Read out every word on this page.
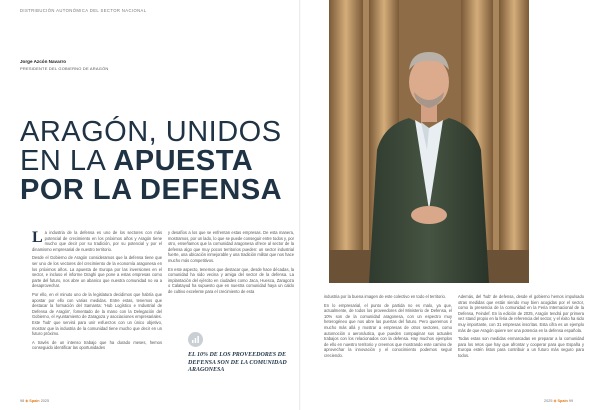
DISTRIBUCIÓN AUTONÓMICA DEL SECTOR NACIONAL
Jorge Azcón Navarro
PRESIDENTE DEL GOBIERNO DE ARAGÓN
ARAGÓN, UNIDOS
EN LA APUESTA
POR LA DEFENSA

La industria de la defensa es uno de los sectores con más potencial de crecimiento en los próximos años y Aragón tiene mucho que decir por su tradición, por su potencial y por el dinamismo empresarial de nuestro territorio.

Desde el Gobierno de Aragón consideramos que la defensa tiene que ser uno de los vectores del crecimiento de la economía aragonesa en los próximos años. La apuesta de Europa por las inversiones en el sector, e incluso el informe Draghi que pone a estas empresas como parte del futuro, nos abre un abanico que nuestra comunidad no va a desaprovechar.

Por ello, en el minuto uno de la legislatura decidimos que habría que apostar por ello con varias medidas. Entre estas, tenemos que destacar la formación del Samanta: 'Hub Logístico e Industrial de Defensa de Aragón', fomentado de la mano con la Delegación del Gobierno, el Ayuntamiento de Zaragoza y asociaciones empresariales. Este 'hub' que servirá para unir esfuerzos con un único objetivo, mostrar que la industria de la comunidad tiene mucho que decir en un futuro próximo.

A través de un intenso trabajo que ha durado meses, hemos conseguido identificar las oportunidades

y desafíos a los que se enfrentan estas empresas. De esta manera, mostramos, por un lado, lo que se puede conseguir entre todos y, por otro, enseñamos que la comunidad aragonesa ofrece al sector de la defensa algo que muy pocos territorios pueden: un sector industrial fuerte, una ubicación inmejorable y una tradición militar que nos hace mucho más competitivos.

En este aspecto, tenemos que destacar que, desde hace décadas, la comunidad ha sido vecina y amiga del sector de la defensa. La implantación del ejército en ciudades como Jaca, Huesca, Zaragoza o Calatayud ha supuesto que en nuestra comunidad haya un caldo de cultivo excelente para el crecimiento de esta

EL 10% DE LOS PROVEEDORES DE DEFENSA SON DE LA COMUNIDAD ARAGONESA
98 ◈ Spain 2025

industria por la buena imagen de este colectivo en todo el territorio.

En lo empresarial, el punto de partida no es malo, ya que, actualmente, de todos los proveedores del Ministerio de Defensa, el 10% son de la comunidad aragonesa, con un espectro muy heterogéneo que nos abre las puertas del futuro. Pero queremos ir mucho más allá y mostrar a empresas de otros sectores, como automoción o aeronáutica, que pueden compaginar sus actuales trabajos con los relacionados con la defensa. Hay muchos ejemplos de ello en nuestro territorio y creemos que mostrando este camino de aprovechar la innovación y el conocimiento podemos seguir creciendo.

Además, del 'hub' de defensa, desde el gobierno hemos impulsado otras medidas que están siendo muy bien acogidas por el sector, como la presencia de la comunidad en la Feria Internacional de la Defensa, Feindef. En la edición de 2025, Aragón tendrá por primera vez stand propio en la feria de referencia del sector, y el éxito ha sido muy importante, con 31 empresas inscritas. Esta cifra es un ejemplo más de que Aragón quiere ser una potencia en la defensa española.

Todas estas son medidas enmarcadas en preparar a la comunidad para los retos que hay que afrontar y cooperar para que España y Europa estén listos para contribuir a un futuro más seguro para todos.

2025 ◈ Spain 99
